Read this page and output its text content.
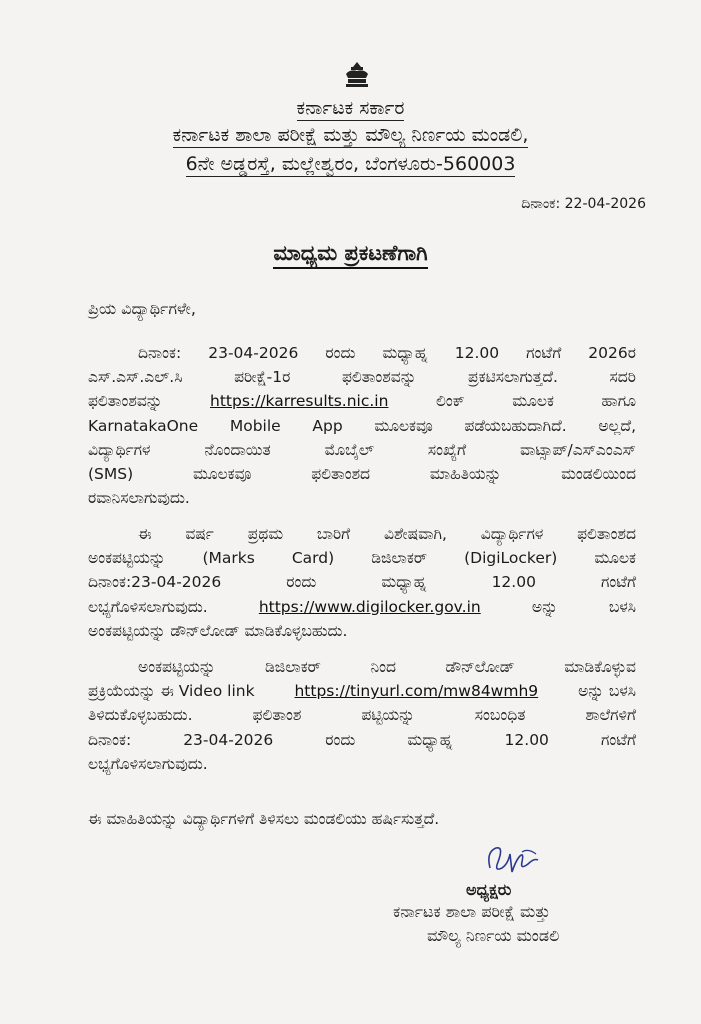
ಕರ್ನಾಟಕ ಸರ್ಕಾರ
ಕರ್ನಾಟಕ ಶಾಲಾ ಪರೀಕ್ಷೆ ಮತ್ತು ಮೌಲ್ಯ ನಿರ್ಣಯ ಮಂಡಲಿ,
6ನೇ ಅಡ್ಡರಸ್ತೆ, ಮಲ್ಲೇಶ್ವರಂ, ಬೆಂಗಳೂರು-560003
ದಿನಾಂಕ: 22-04-2026
ಮಾಧ್ಯಮ ಪ್ರಕಟಣೆಗಾಗಿ
ಪ್ರಿಯ ವಿದ್ಯಾರ್ಥಿಗಳೇ,
ದಿನಾಂಕ: 23-04-2026 ರಂದು ಮಧ್ಯಾಹ್ನ 12.00 ಗಂಟೆಗೆ 2026ರ
ಎಸ್.ಎಸ್.ಎಲ್.ಸಿ	ಪರೀಕ್ಷೆ-1ರ	ಫಲಿತಾಂಶವನ್ನು	ಪ್ರಕಟಿಸಲಾಗುತ್ತದೆ.	ಸದರಿ
ಫಲಿತಾಂಶವನ್ನು	https://karresults.nic.in	ಲಿಂಕ್	ಮೂಲಕ	ಹಾಗೂ
KarnatakaOne Mobile App ಮೂಲಕವೂ ಪಡೆಯಬಹುದಾಗಿದೆ. ಅಲ್ಲದೆ,
ವಿದ್ಯಾರ್ಥಿಗಳ	ನೊಂದಾಯಿತ	ಮೊಬೈಲ್	ಸಂಖ್ಯೆಗೆ	ವಾಟ್ಸಾಪ್/ಎಸ್‌ಎಂಎಸ್
(SMS)	ಮೂಲಕವೂ	ಫಲಿತಾಂಶದ	ಮಾಹಿತಿಯನ್ನು	ಮಂಡಲಿಯಿಂದ
ರವಾನಿಸಲಾಗುವುದು.
ಈ ವರ್ಷ ಪ್ರಥಮ ಬಾರಿಗೆ ವಿಶೇಷವಾಗಿ, ವಿದ್ಯಾರ್ಥಿಗಳ ಫಲಿತಾಂಶದ
ಅಂಕಪಟ್ಟಿಯನ್ನು (Marks Card) ಡಿಜಿಲಾಕರ್ (DigiLocker) ಮೂಲಕ
ದಿನಾಂಕ:23-04-2026	ರಂದು	ಮಧ್ಯಾಹ್ನ	12.00	ಗಂಟೆಗೆ
ಲಭ್ಯಗೊಳಿಸಲಾಗುವುದು.	https://www.digilocker.gov.in	ಅನ್ನು	ಬಳಸಿ
ಅಂಕಪಟ್ಟಿಯನ್ನು ಡೌನ್‌ಲೋಡ್ ಮಾಡಿಕೊಳ್ಳಬಹುದು.
ಅಂಕಪಟ್ಟಿಯನ್ನು	ಡಿಜಿಲಾಕರ್	ನಿಂದ	ಡೌನ್‌ಲೋಡ್	ಮಾಡಿಕೊಳ್ಳುವ
ಪ್ರಕ್ರಿಯೆಯನ್ನು ಈ Video link	https://tinyurl.com/mw84wmh9	ಅನ್ನು ಬಳಸಿ
ತಿಳಿದುಕೊಳ್ಳಬಹುದು.	ಫಲಿತಾಂಶ	ಪಟ್ಟಿಯನ್ನು	ಸಂಬಂಧಿತ	ಶಾಲೆಗಳಿಗೆ
ದಿನಾಂಕ:	23-04-2026	ರಂದು	ಮಧ್ಯಾಹ್ನ	12.00	ಗಂಟೆಗೆ
ಲಭ್ಯಗೊಳಿಸಲಾಗುವುದು.
ಈ ಮಾಹಿತಿಯನ್ನು ವಿದ್ಯಾರ್ಥಿಗಳಿಗೆ ತಿಳಿಸಲು ಮಂಡಲಿಯು ಹರ್ಷಿಸುತ್ತದೆ.
ಅಧ್ಯಕ್ಷರು
ಕರ್ನಾಟಕ ಶಾಲಾ ಪರೀಕ್ಷೆ ಮತ್ತು
ಮೌಲ್ಯ ನಿರ್ಣಯ ಮಂಡಲಿ
